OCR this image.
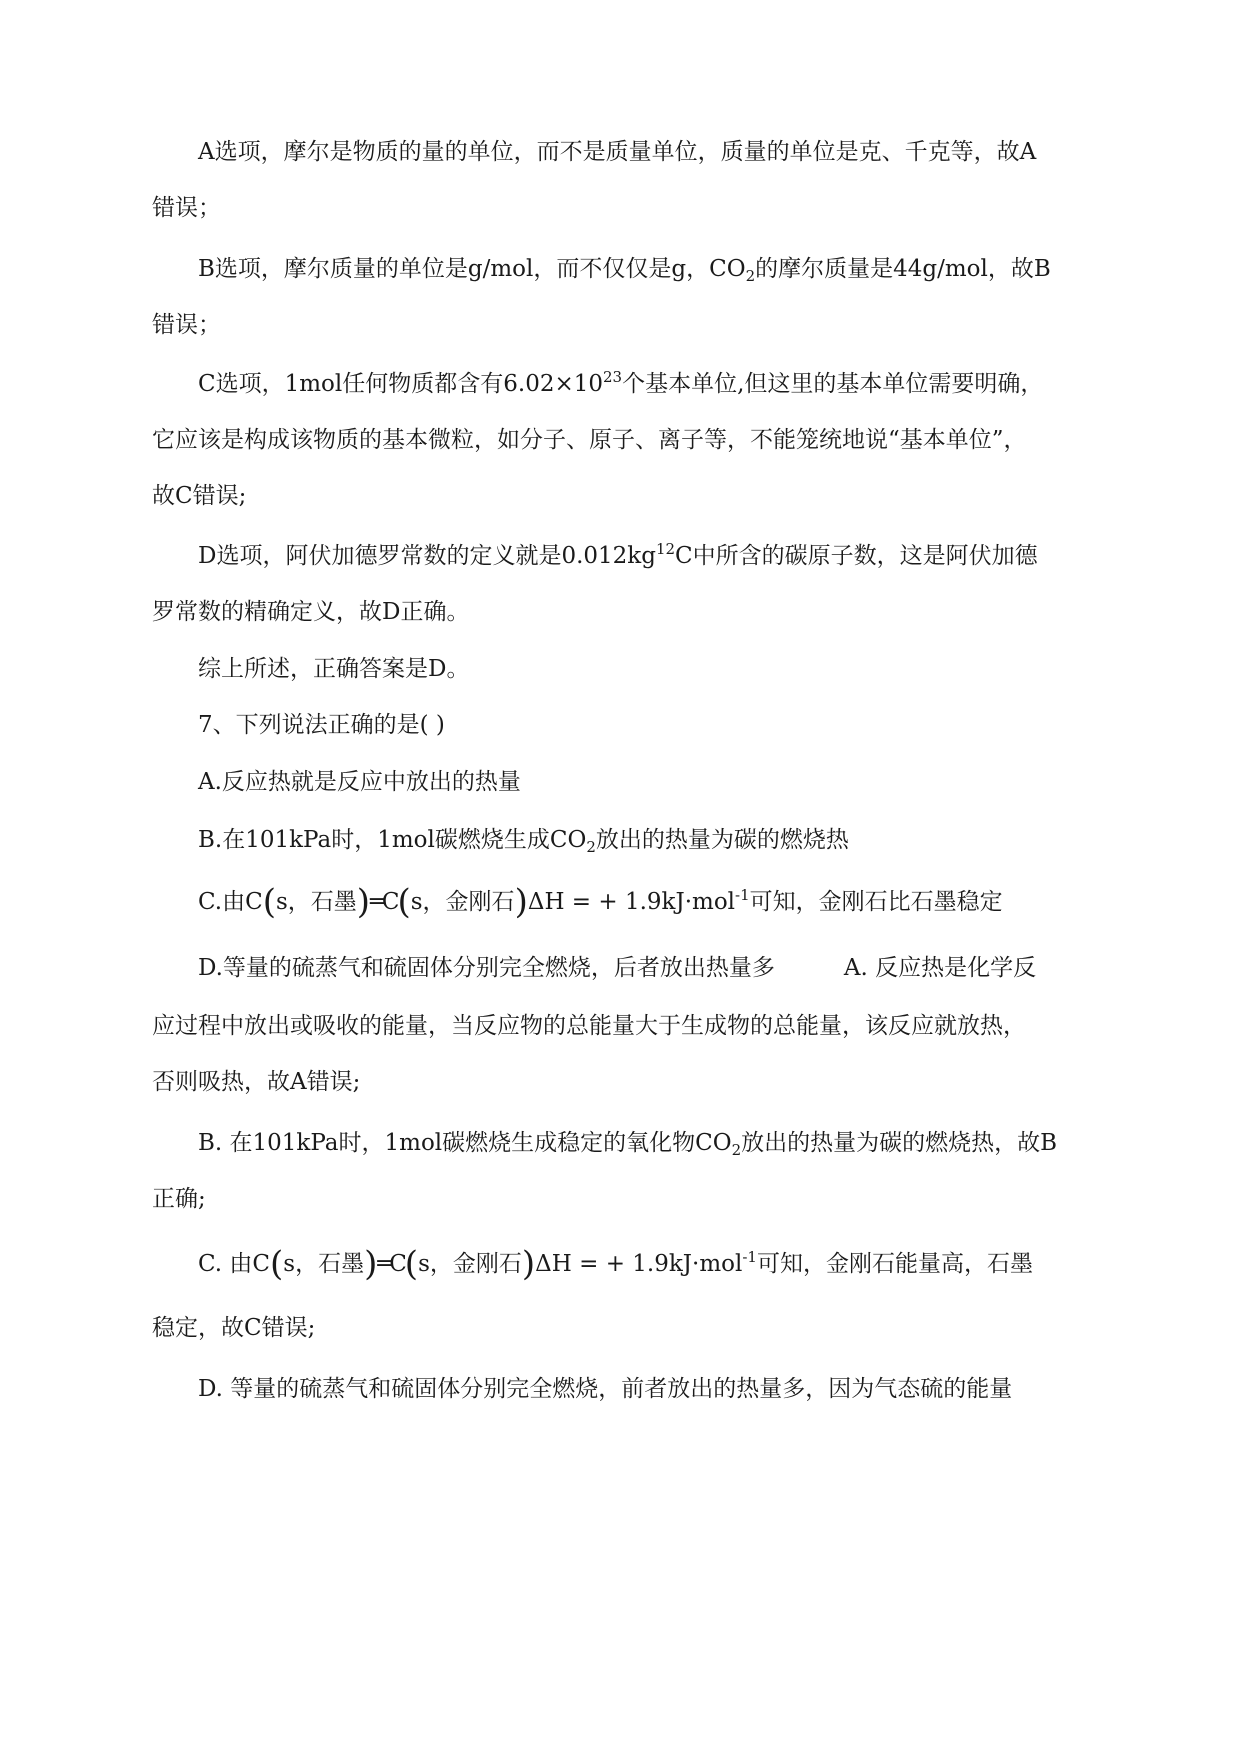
A选项，摩尔是物质的量的单位，而不是质量单位，质量的单位是克、千克等，故A
错误；
B选项，摩尔质量的单位是g/mol，而不仅仅是g，$CO_2$的摩尔质量是44g/mol，故B
错误；
C选项，1mol任何物质都含有$6.02\times 10^{23}$个基本单位,但这里的基本单位需要明确，
它应该是构成该物质的基本微粒，如分子、原子、离子等，不能笼统地说“基本单位”，
故C错误;
D选项，阿伏加德罗常数的定义就是$0.012kg^{12}C$中所含的碳原子数，这是阿伏加德
罗常数的精确定义，故D正确。
综上所述，正确答案是D。
7、下列说法正确的是( )
A.反应热就是反应中放出的热量
B.在101kPa时，1mol碳燃烧生成$CO_2$放出的热量为碳的燃烧热
C.由C(s，石墨)═C(s，金刚石)ΔH = + 1.9kJ·mol$^{-1}$可知，金刚石比石墨稳定
D.等量的硫蒸气和硫固体分别完全燃烧，后者放出热量多　　　A. 反应热是化学反
应过程中放出或吸收的能量，当反应物的总能量大于生成物的总能量，该反应就放热，
否则吸热，故A错误;
B. 在101kPa时，1mol碳燃烧生成稳定的氧化物$CO_2$放出的热量为碳的燃烧热，故B
正确;
C. 由C(s，石墨)═C(s，金刚石)ΔH = + 1.9kJ·mol$^{-1}$可知，金刚石能量高，石墨
稳定，故C错误;
D. 等量的硫蒸气和硫固体分别完全燃烧，前者放出的热量多，因为气态硫的能量
